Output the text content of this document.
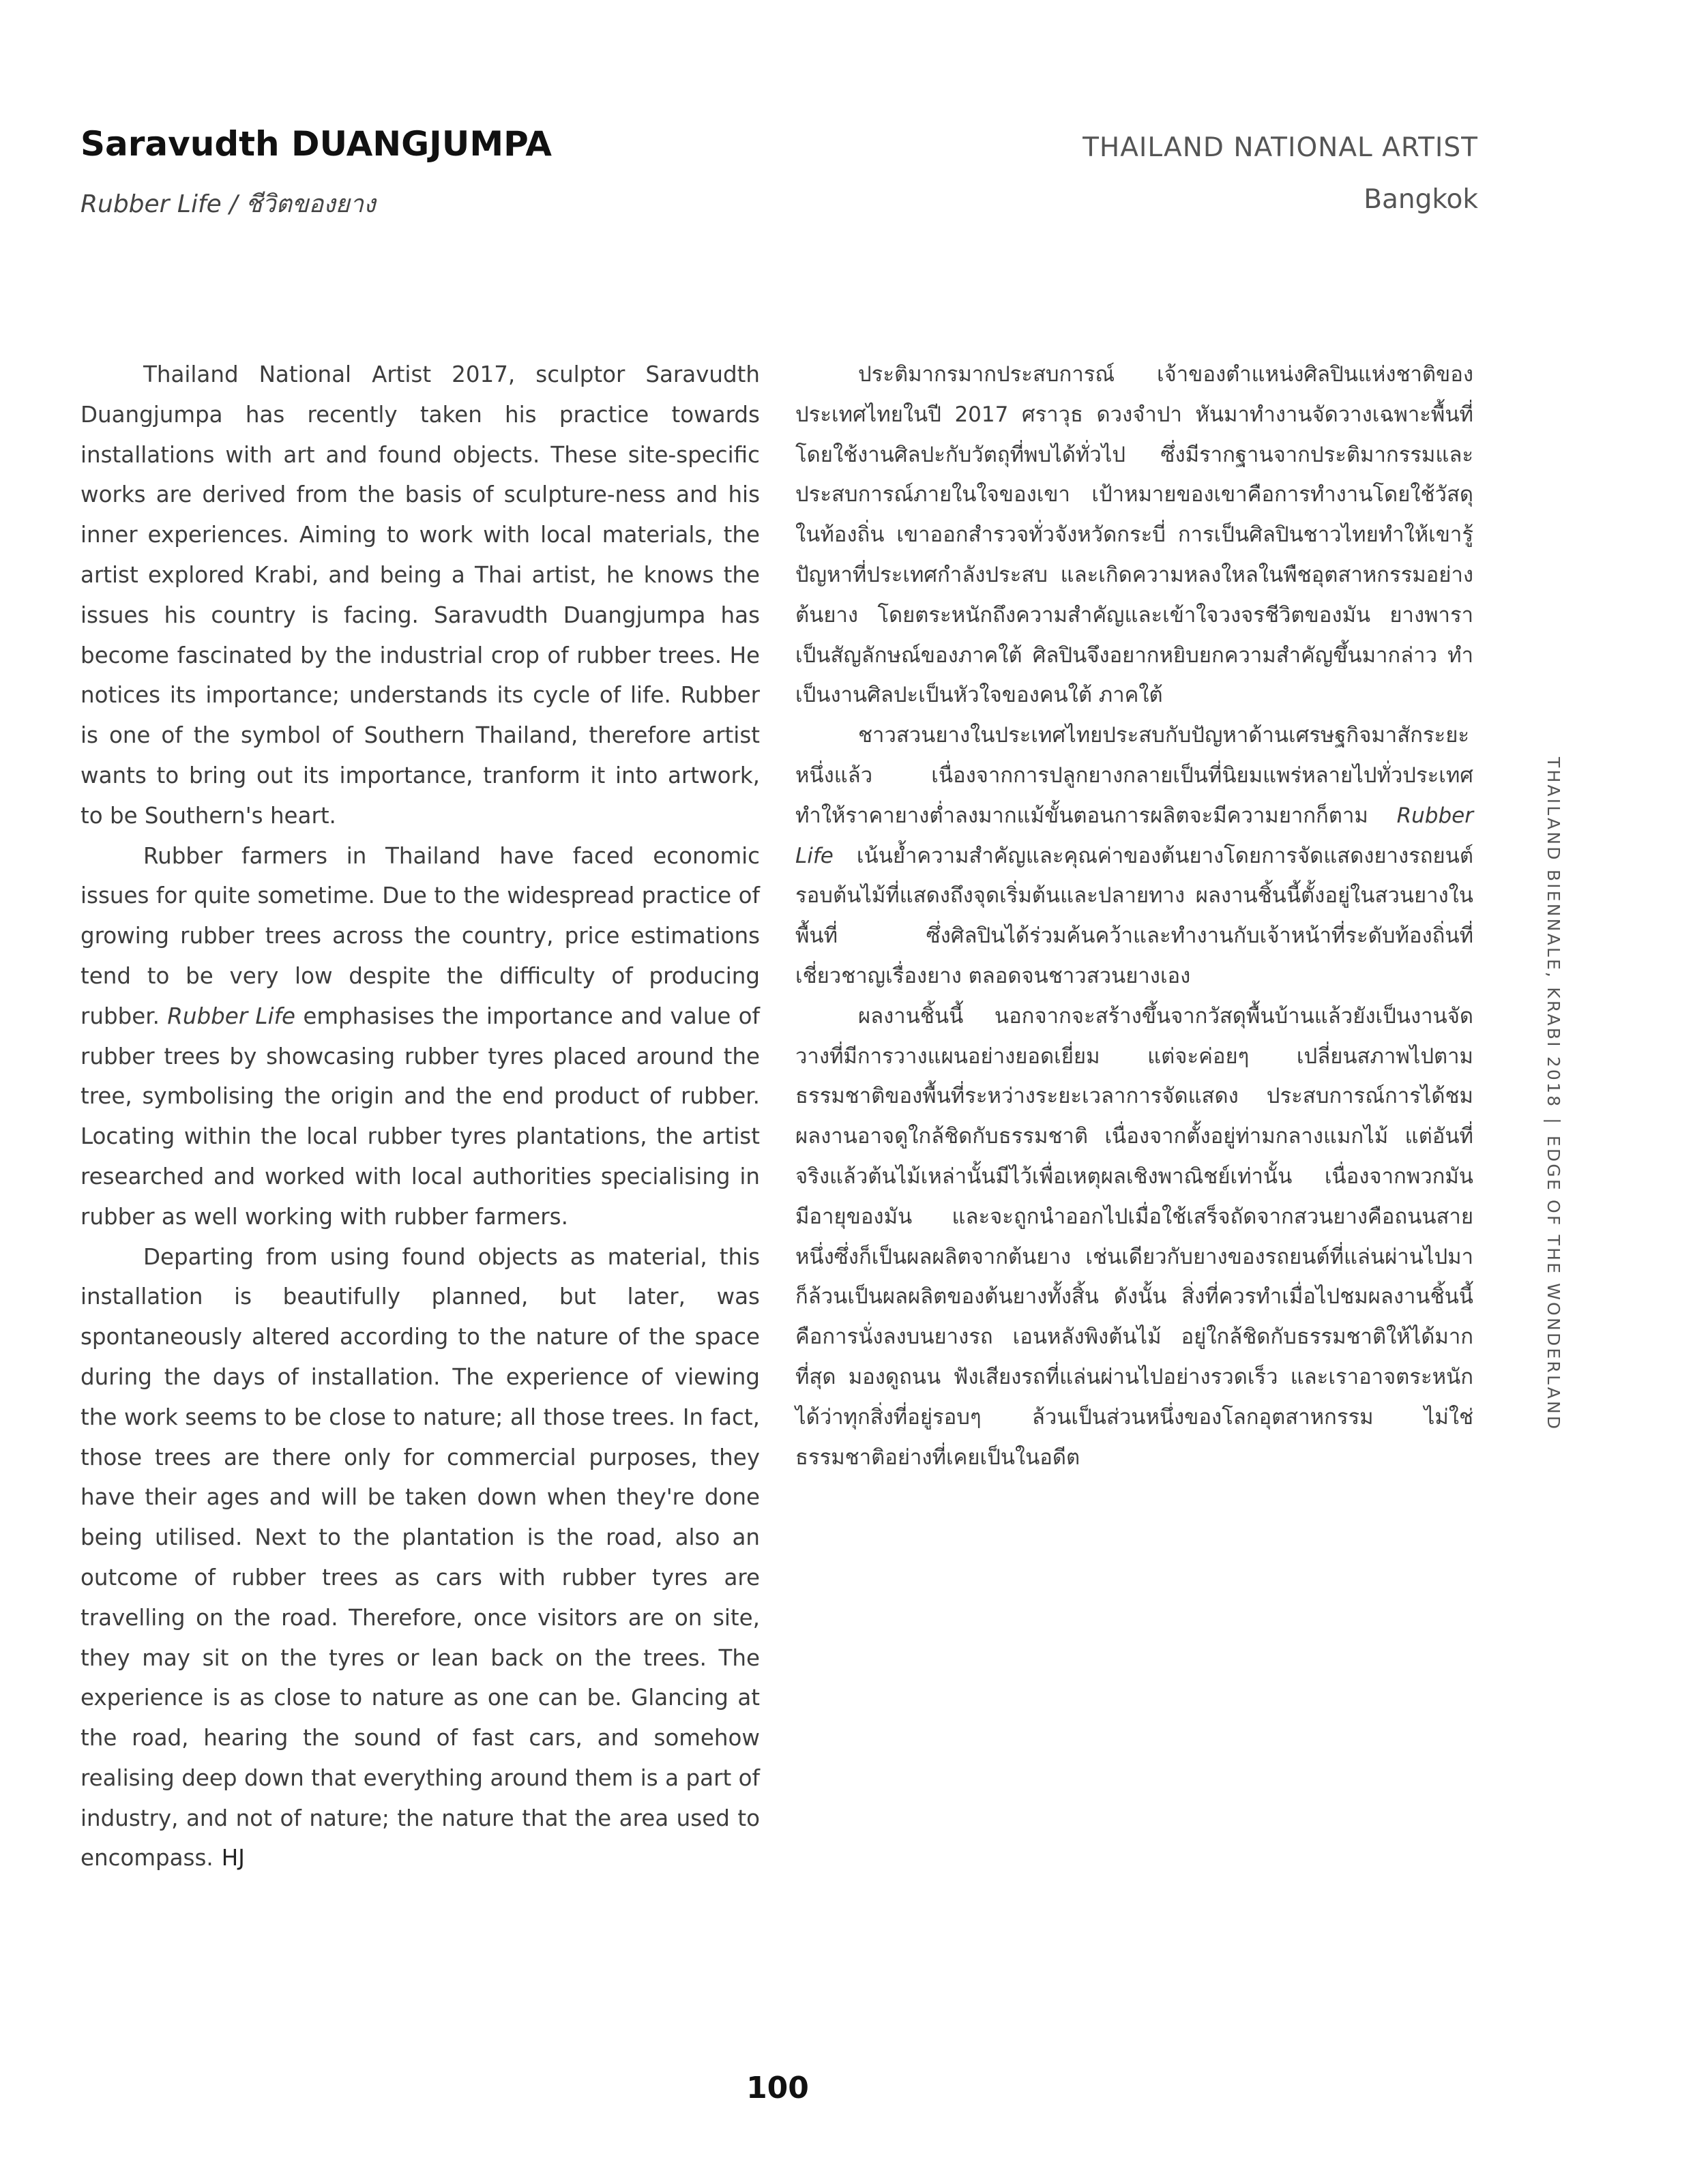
Saravudth DUANGJUMPA
Rubber Life / ชีวิตของยาง
THAILAND NATIONAL ARTIST
Bangkok

Thailand National Artist 2017, sculptor Saravudth Duangjumpa has recently taken his practice towards installations with art and found objects. These site-specific works are derived from the basis of sculpture-ness and his inner experiences. Aiming to work with local materials, the artist explored Krabi, and being a Thai artist, he knows the issues his country is facing. Saravudth Duangjumpa has become fascinated by the industrial crop of rubber trees. He notices its importance; understands its cycle of life. Rubber is one of the symbol of Southern Thailand, therefore artist wants to bring out its importance, tranform it into artwork, to be Southern's heart.

Rubber farmers in Thailand have faced economic issues for quite sometime. Due to the widespread practice of growing rubber trees across the country, price estimations tend to be very low despite the difficulty of producing rubber. Rubber Life emphasises the importance and value of rubber trees by showcasing rubber tyres placed around the tree, symbolising the origin and the end product of rubber. Locating within the local rubber tyres plantations, the artist researched and worked with local authorities specialising in rubber as well working with rubber farmers.

Departing from using found objects as material, this installation is beautifully planned, but later, was spontaneously altered according to the nature of the space during the days of installation. The experience of viewing the work seems to be close to nature; all those trees. In fact, those trees are there only for commercial purposes, they have their ages and will be taken down when they're done being utilised. Next to the plantation is the road, also an outcome of rubber trees as cars with rubber tyres are travelling on the road. Therefore, once visitors are on site, they may sit on the tyres or lean back on the trees. The experience is as close to nature as one can be. Glancing at the road, hearing the sound of fast cars, and somehow realising deep down that everything around them is a part of industry, and not of nature; the nature that the area used to encompass. HJ

ประติมากรมากประสบการณ์ เจ้าของตำแหน่งศิลปินแห่งชาติของประเทศไทยในปี 2017 ศราวุธ ดวงจำปา หันมาทำงานจัดวางเฉพาะพื้นที่โดยใช้งานศิลปะกับวัตถุที่พบได้ทั่วไป ซึ่งมีรากฐานจากประติมากรรมและประสบการณ์ภายในใจของเขา เป้าหมายของเขาคือการทำงานโดยใช้วัสดุในท้องถิ่น เขาออกสำรวจทั่วจังหวัดกระบี่ การเป็นศิลปินชาวไทยทำให้เขารู้ปัญหาที่ประเทศกำลังประสบ และเกิดความหลงใหลในพืชอุตสาหกรรมอย่างต้นยาง โดยตระหนักถึงความสำคัญและเข้าใจวงจรชีวิตของมัน ยางพาราเป็นสัญลักษณ์ของภาคใต้ ศิลปินจึงอยากหยิบยกความสำคัญขึ้นมากล่าว ทำเป็นงานศิลปะเป็นหัวใจของคนใต้ ภาคใต้

ชาวสวนยางในประเทศไทยประสบกับปัญหาด้านเศรษฐกิจมาสักระยะหนึ่งแล้ว เนื่องจากการปลูกยางกลายเป็นที่นิยมแพร่หลายไปทั่วประเทศ ทำให้ราคายางต่ำลงมากแม้ขั้นตอนการผลิตจะมีความยากก็ตาม Rubber Life เน้นย้ำความสำคัญและคุณค่าของต้นยางโดยการจัดแสดงยางรถยนต์รอบต้นไม้ที่แสดงถึงจุดเริ่มต้นและปลายทาง ผลงานชิ้นนี้ตั้งอยู่ในสวนยางในพื้นที่ ซึ่งศิลปินได้ร่วมค้นคว้าและทำงานกับเจ้าหน้าที่ระดับท้องถิ่นที่เชี่ยวชาญเรื่องยาง ตลอดจนชาวสวนยางเอง

ผลงานชิ้นนี้ นอกจากจะสร้างขึ้นจากวัสดุพื้นบ้านแล้วยังเป็นงานจัดวางที่มีการวางแผนอย่างยอดเยี่ยม แต่จะค่อยๆ เปลี่ยนสภาพไปตามธรรมชาติของพื้นที่ระหว่างระยะเวลาการจัดแสดง ประสบการณ์การได้ชมผลงานอาจดูใกล้ชิดกับธรรมชาติ เนื่องจากตั้งอยู่ท่ามกลางแมกไม้ แต่อันที่จริงแล้วต้นไม้เหล่านั้นมีไว้เพื่อเหตุผลเชิงพาณิชย์เท่านั้น เนื่องจากพวกมันมีอายุของมัน และจะถูกนำออกไปเมื่อใช้เสร็จถัดจากสวนยางคือถนนสายหนึ่งซึ่งก็เป็นผลผลิตจากต้นยาง เช่นเดียวกับยางของรถยนต์ที่แล่นผ่านไปมาก็ล้วนเป็นผลผลิตของต้นยางทั้งสิ้น ดังนั้น สิ่งที่ควรทำเมื่อไปชมผลงานชิ้นนี้คือการนั่งลงบนยางรถ เอนหลังพิงต้นไม้ อยู่ใกล้ชิดกับธรรมชาติให้ได้มากที่สุด มองดูถนน ฟังเสียงรถที่แล่นผ่านไปอย่างรวดเร็ว และเราอาจตระหนักได้ว่าทุกสิ่งที่อยู่รอบๆ ล้วนเป็นส่วนหนึ่งของโลกอุตสาหกรรม ไม่ใช่ธรรมชาติอย่างที่เคยเป็นในอดีต

THAILAND BIENNALE, KRABI 2018|EDGE OF THE WONDERLAND
100
